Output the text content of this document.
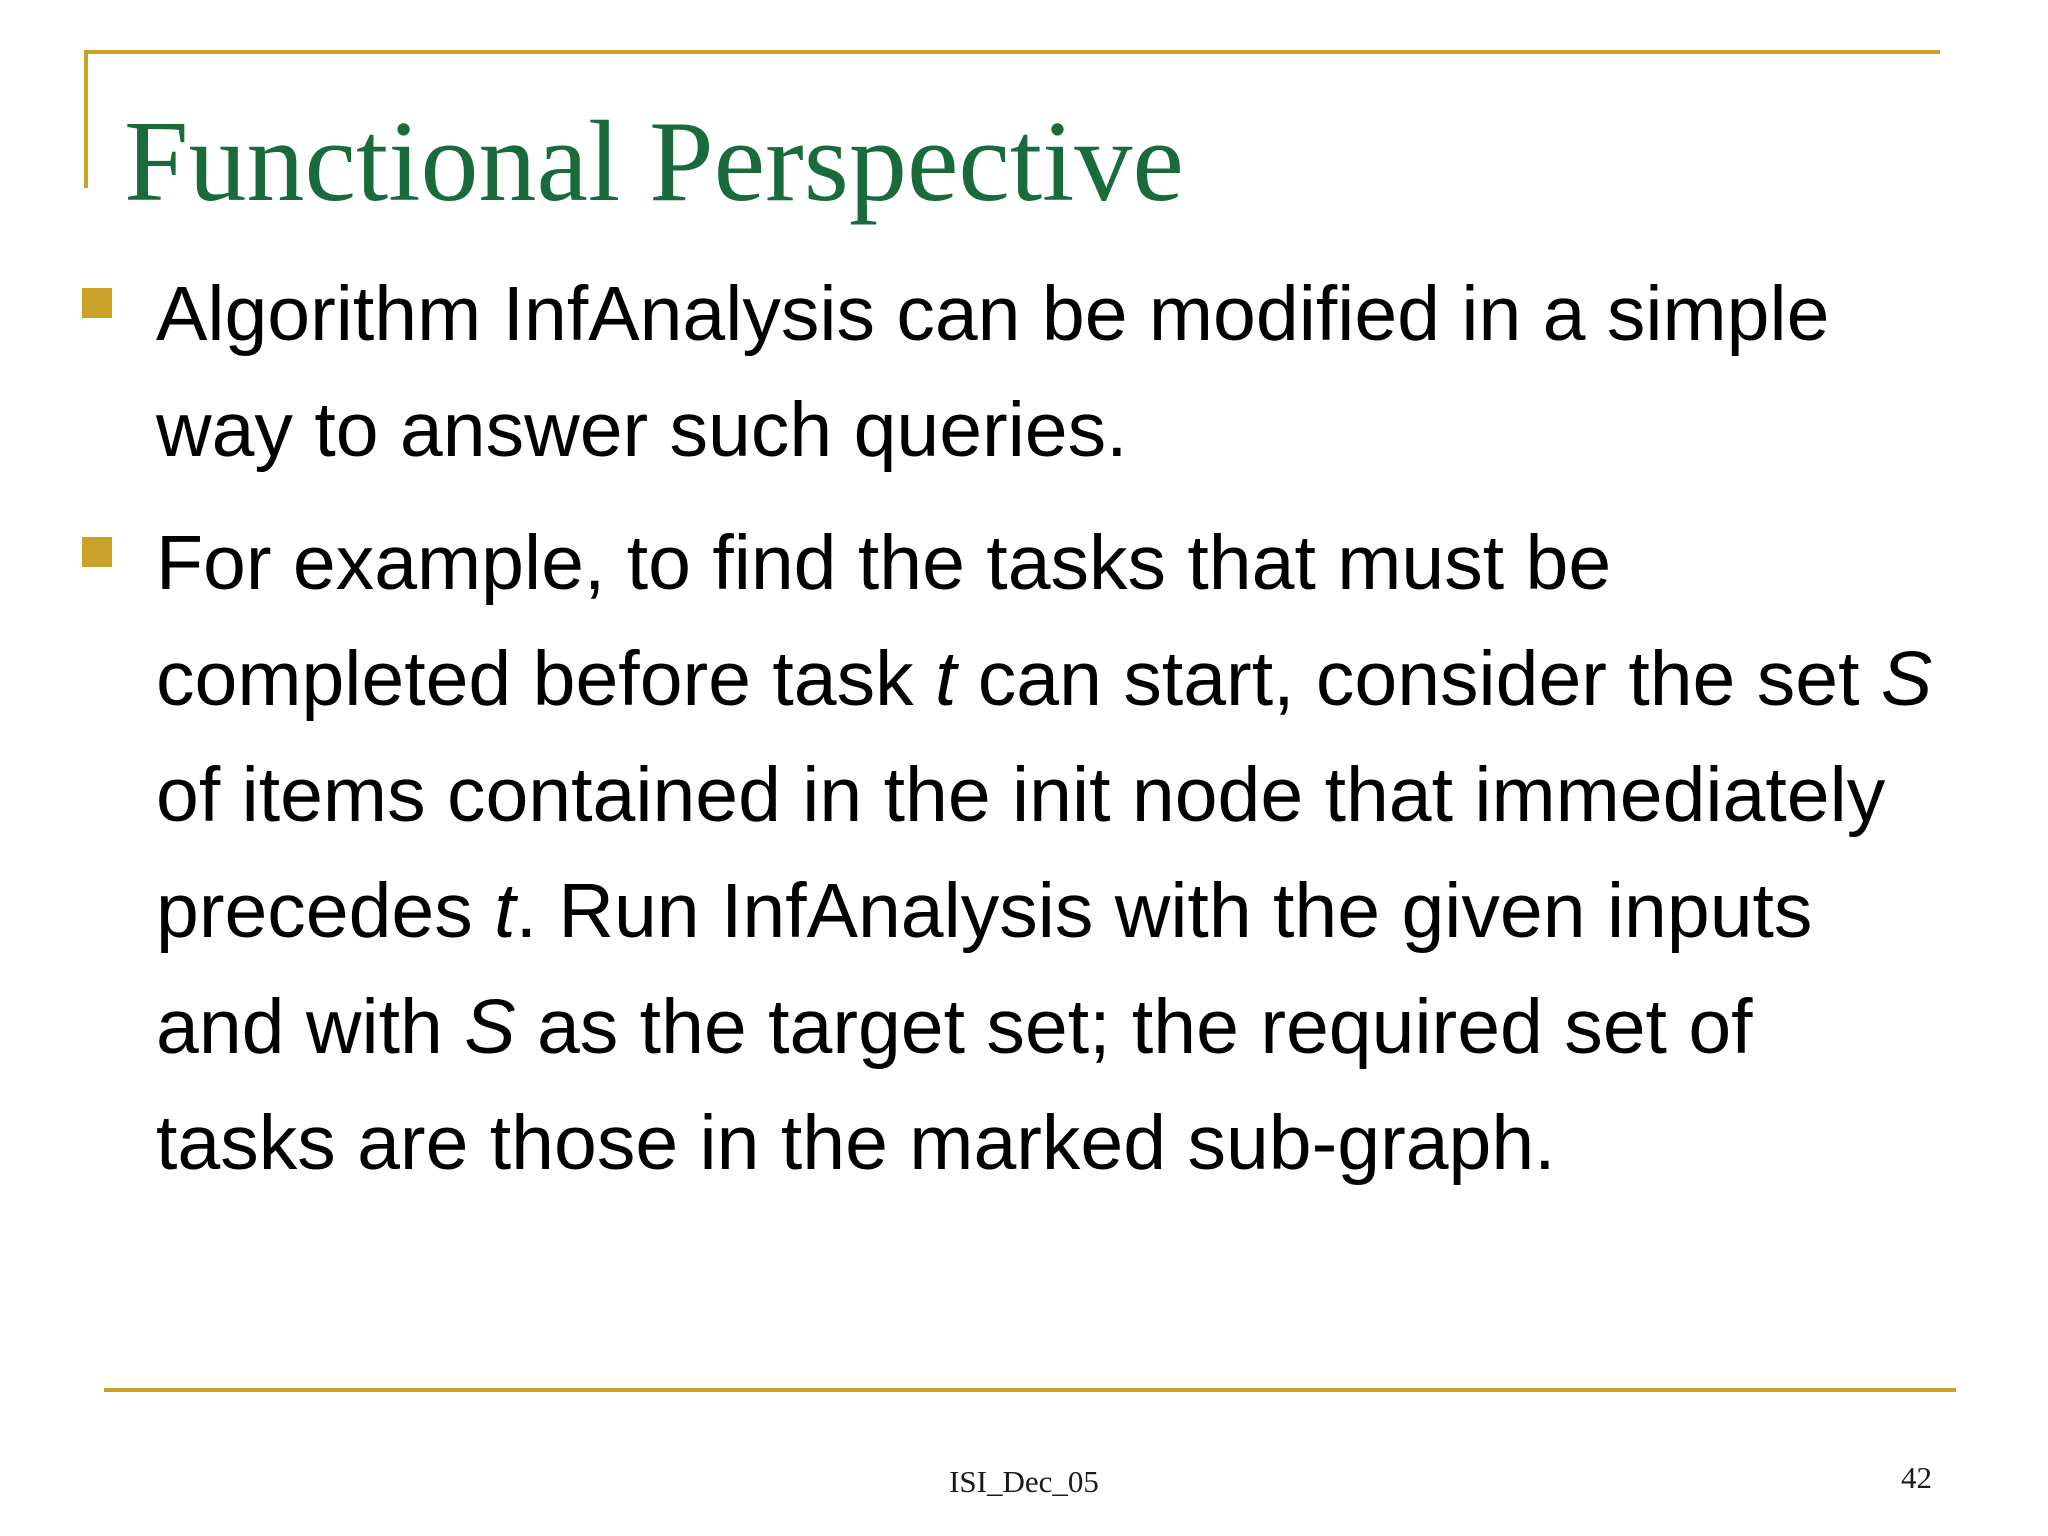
Functional Perspective
Algorithm InfAnalysis can be modified in a simple way to answer such queries.
For example, to find the tasks that must be completed before task t can start, consider the set S of items contained in the init node that immediately precedes t. Run InfAnalysis with the given inputs and with S as the target set; the required set of tasks are those in the marked sub-graph.
ISI_Dec_05	42
